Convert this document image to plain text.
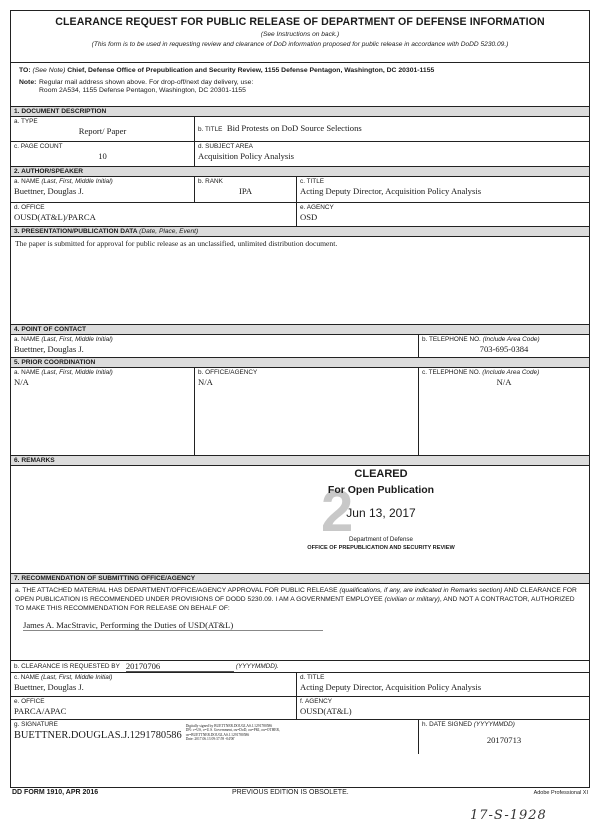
CLEARANCE REQUEST FOR PUBLIC RELEASE OF DEPARTMENT OF DEFENSE INFORMATION
(See Instructions on back.)
(This form is to be used in requesting review and clearance of DoD information proposed for public release in accordance with DoDD 5230.09.)
TO: (See Note) Chief, Defense Office of Prepublication and Security Review, 1155 Defense Pentagon, Washington, DC 20301-1155
Note: Regular mail address shown above. For drop-off/next day delivery, use:
Room 2A534, 1155 Defense Pentagon, Washington, DC 20301-1155
1. DOCUMENT DESCRIPTION
a. TYPE
Report/ Paper	b. TITLE Bid Protests on DoD Source Selections
c. PAGE COUNT
10
d. SUBJECT AREA
Acquisition Policy Analysis
2. AUTHOR/SPEAKER
a. NAME (Last, First, Middle Initial)
Buettner, Douglas J.
b. RANK
IPA
c. TITLE
Acting Deputy Director, Acquisition Policy Analysis
d. OFFICE
OUSD(AT&L)/PARCA
e. AGENCY
OSD
3. PRESENTATION/PUBLICATION DATA (Date, Place, Event)
The paper is submitted for approval for public release as an unclassified, unlimited distribution document.
4. POINT OF CONTACT
a. NAME (Last, First, Middle Initial)
Buettner, Douglas J.
b. TELEPHONE NO. (Include Area Code)
703-695-0384
5. PRIOR COORDINATION
a. NAME (Last, First, Middle Initial)
N/A
b. OFFICE/AGENCY
N/A
c. TELEPHONE NO. (Include Area Code)
N/A
6. REMARKS
2
CLEARED
For Open Publication
Jun 13, 2017
Department of Defense
OFFICE OF PREPUBLICATION AND SECURITY REVIEW
7. RECOMMENDATION OF SUBMITTING OFFICE/AGENCY
a. THE ATTACHED MATERIAL HAS DEPARTMENT/OFFICE/AGENCY APPROVAL FOR PUBLIC RELEASE (qualifications, if any, are indicated in Remarks section) AND CLEARANCE FOR OPEN PUBLICATION IS RECOMMENDED UNDER PROVISIONS OF DODD 5230.09. I AM A GOVERNMENT EMPLOYEE (civilian or military), AND NOT A CONTRACTOR, AUTHORIZED TO MAKE THIS RECOMMENDATION FOR RELEASE ON BEHALF OF:
James A. MacStravic, Performing the Duties of USD(AT&L)
b. CLEARANCE IS REQUESTED BY 20170706	(YYYYMMDD).
c. NAME (Last, First, Middle Initial)
Buettner, Douglas J.
d. TITLE
Acting Deputy Director, Acquisition Policy Analysis
e. OFFICE
PARCA/APAC
f. AGENCY
OUSD(AT&L)
g. SIGNATURE
BUETTNER.DOUGLAS.J.1291780586
Digitally signed by BUETTNER.DOUGLAS.J.1291780586
DN: c=US, o=U.S. Government, ou=DoD, ou=PKI, ou=OTHER,
cn=BUETTNER.DOUGLAS.J.1291780586
Date: 2017.06.13 09:37:59 -04'00'
h. DATE SIGNED (YYYYMMDD)
20170713
DD FORM 1910, APR 2016	PREVIOUS EDITION IS OBSOLETE.	Adobe Professional XI
17-S-1928
